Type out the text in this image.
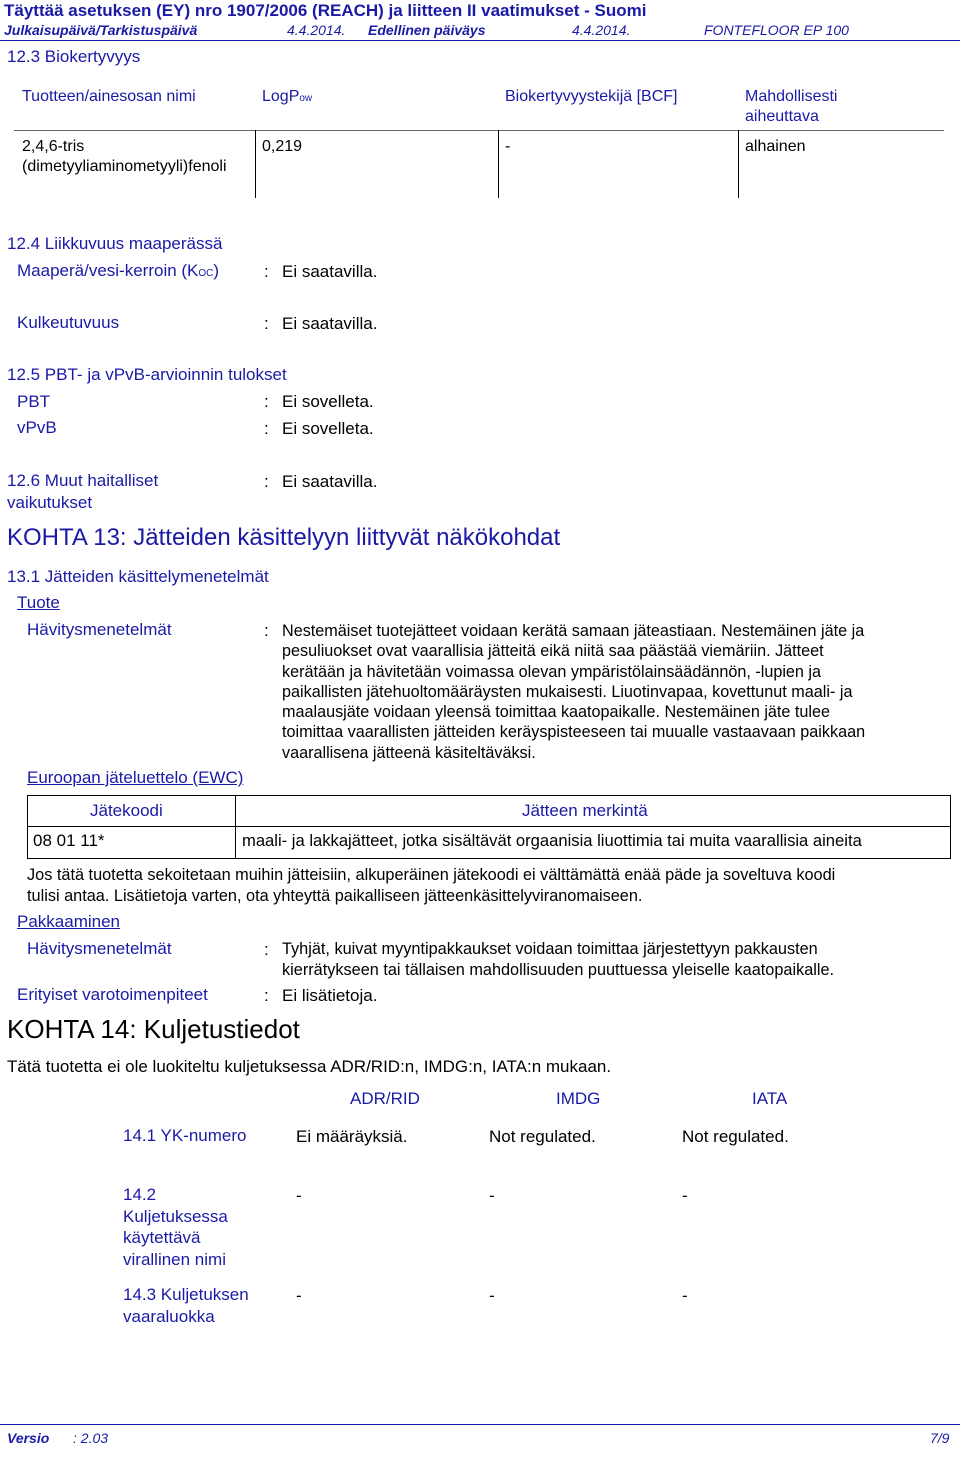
Täyttää asetuksen (EY) nro 1907/2006 (REACH) ja liitteen II vaatimukset - Suomi
Julkaisupäivä/Tarkistuspäivä	4.4.2014. Edellinen päiväys	4.4.2014.	FONTEFLOOR EP 100
12.3 Biokertyvyys
Tuotteen/ainesosan nimi	LogPow	Biokertyvyystekijä [BCF]	Mahdollisesti
aiheuttava
2,4,6-tris
(dimetyyliaminometyyli)fenoli
0,219	-	alhainen
12.4 Liikkuvuus maaperässä
Maaperä/vesi-kerroin (KOC)	: Ei saatavilla.
Kulkeutuvuus	: Ei saatavilla.
12.5 PBT- ja vPvB-arvioinnin tulokset
PBT	: Ei sovelleta.
vPvB	: Ei sovelleta.
12.6 Muut haitalliset
vaikutukset
: Ei saatavilla.
KOHTA 13: Jätteiden käsittelyyn liittyvät näkökohdat
13.1 Jätteiden käsittelymenetelmät
Tuote
Hävitysmenetelmät	: Nestemäiset tuotejätteet voidaan kerätä samaan jäteastiaan. Nestemäinen jäte ja
pesuliuokset ovat vaarallisia jätteitä eikä niitä saa päästää viemäriin. Jätteet
kerätään ja hävitetään voimassa olevan ympäristölainsäädännön, -lupien ja
paikallisten jätehuoltomääräysten mukaisesti. Liuotinvapaa, kovettunut maali- ja
maalausjäte voidaan yleensä toimittaa kaatopaikalle. Nestemäinen jäte tulee
toimittaa vaarallisten jätteiden keräyspisteeseen tai muualle vastaavaan paikkaan
vaarallisena jätteenä käsiteltäväksi.
Euroopan jäteluettelo (EWC)
Jätekoodi	Jätteen merkintä
08 01 11*	maali- ja lakkajätteet, jotka sisältävät orgaanisia liuottimia tai muita vaarallisia aineita
Jos tätä tuotetta sekoitetaan muihin jätteisiin, alkuperäinen jätekoodi ei välttämättä enää päde ja soveltuva koodi
tulisi antaa. Lisätietoja varten, ota yhteyttä paikalliseen jätteenkäsittelyviranomaiseen.
Pakkaaminen
Hävitysmenetelmät	: Tyhjät, kuivat myyntipakkaukset voidaan toimittaa järjestettyyn pakkausten
kierrätykseen tai tällaisen mahdollisuuden puuttuessa yleiselle kaatopaikalle.
Erityiset varotoimenpiteet	: Ei lisätietoja.
KOHTA 14: Kuljetustiedot
Tätä tuotetta ei ole luokiteltu kuljetuksessa ADR/RID:n, IMDG:n, IATA:n mukaan.
ADR/RID	IMDG	IATA
14.1 YK-numero	Ei määräyksiä.	Not regulated.	Not regulated.
14.2
Kuljetuksessa
käytettävä
virallinen nimi
-	-	-
14.3 Kuljetuksen
vaaraluokka
-	-	-
Versio : 2.03	7/9
